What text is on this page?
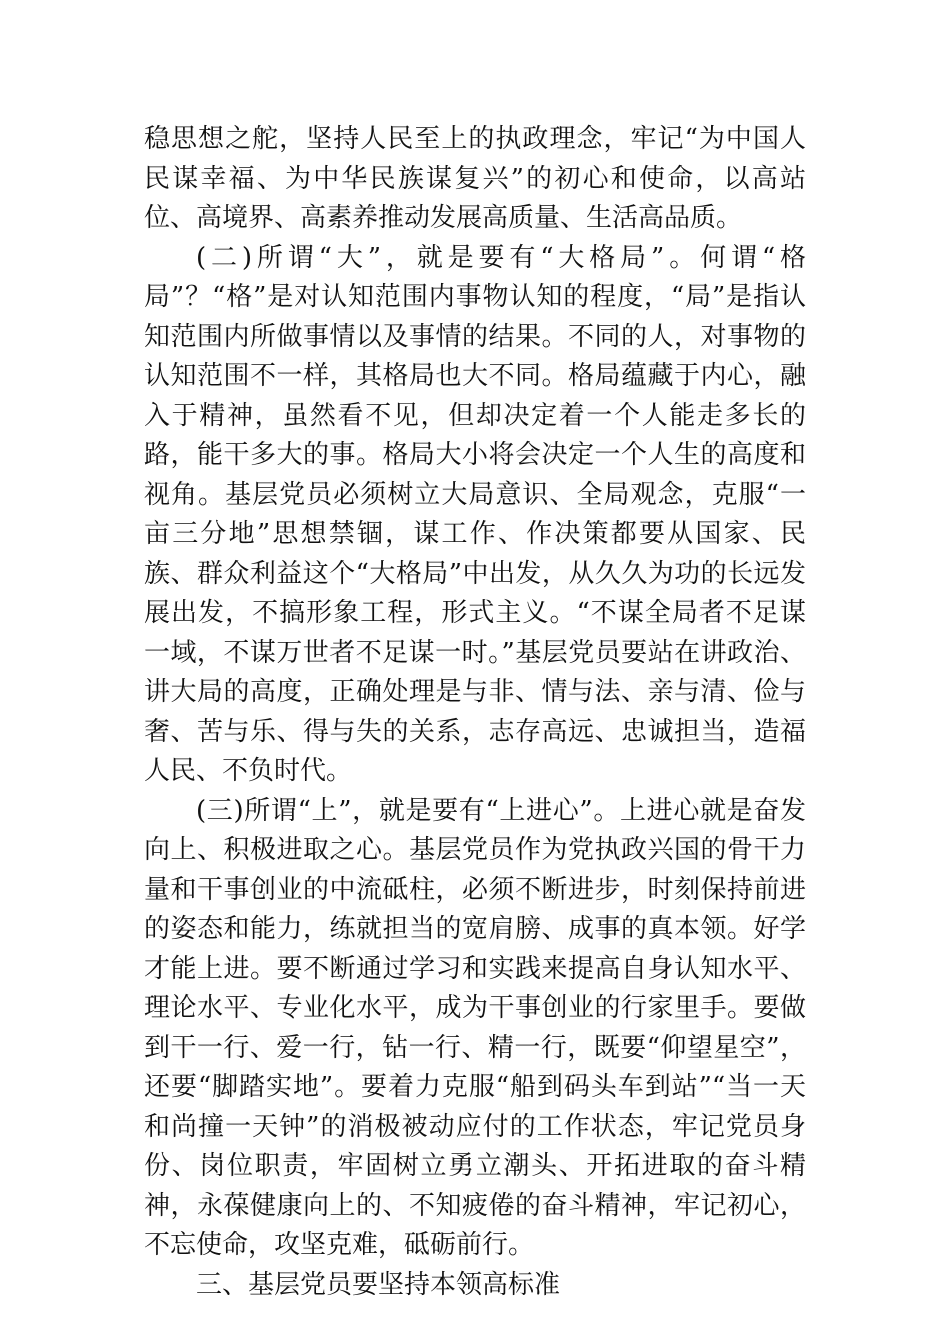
稳思想之舵，坚持人民至上的执政理念，牢记“为中国人民谋幸福、为中华民族谋复兴”的初心和使命，以高站位、高境界、高素养推动发展高质量、生活高品质。

(二)所谓“大”，就是要有“大格局”。何谓“格局”？“格”是对认知范围内事物认知的程度，“局”是指认知范围内所做事情以及事情的结果。不同的人，对事物的认知范围不一样，其格局也大不同。格局蕴藏于内心，融入于精神，虽然看不见，但却决定着一个人能走多长的路，能干多大的事。格局大小将会决定一个人生的高度和视角。基层党员必须树立大局意识、全局观念，克服“一亩三分地”思想禁锢，谋工作、作决策都要从国家、民族、群众利益这个“大格局”中出发，从久久为功的长远发展出发，不搞形象工程，形式主义。“不谋全局者不足谋一域，不谋万世者不足谋一时。”基层党员要站在讲政治、讲大局的高度，正确处理是与非、情与法、亲与清、俭与奢、苦与乐、得与失的关系，志存高远、忠诚担当，造福人民、不负时代。

(三)所谓“上”，就是要有“上进心”。上进心就是奋发向上、积极进取之心。基层党员作为党执政兴国的骨干力量和干事创业的中流砥柱，必须不断进步，时刻保持前进的姿态和能力，练就担当的宽肩膀、成事的真本领。好学才能上进。要不断通过学习和实践来提高自身认知水平、理论水平、专业化水平，成为干事创业的行家里手。要做到干一行、爱一行，钻一行、精一行，既要“仰望星空”，还要“脚踏实地”。要着力克服“船到码头车到站”“当一天和尚撞一天钟”的消极被动应付的工作状态，牢记党员身份、岗位职责，牢固树立勇立潮头、开拓进取的奋斗精神，永葆健康向上的、不知疲倦的奋斗精神，牢记初心，不忘使命，攻坚克难，砥砺前行。

三、基层党员要坚持本领高标准
